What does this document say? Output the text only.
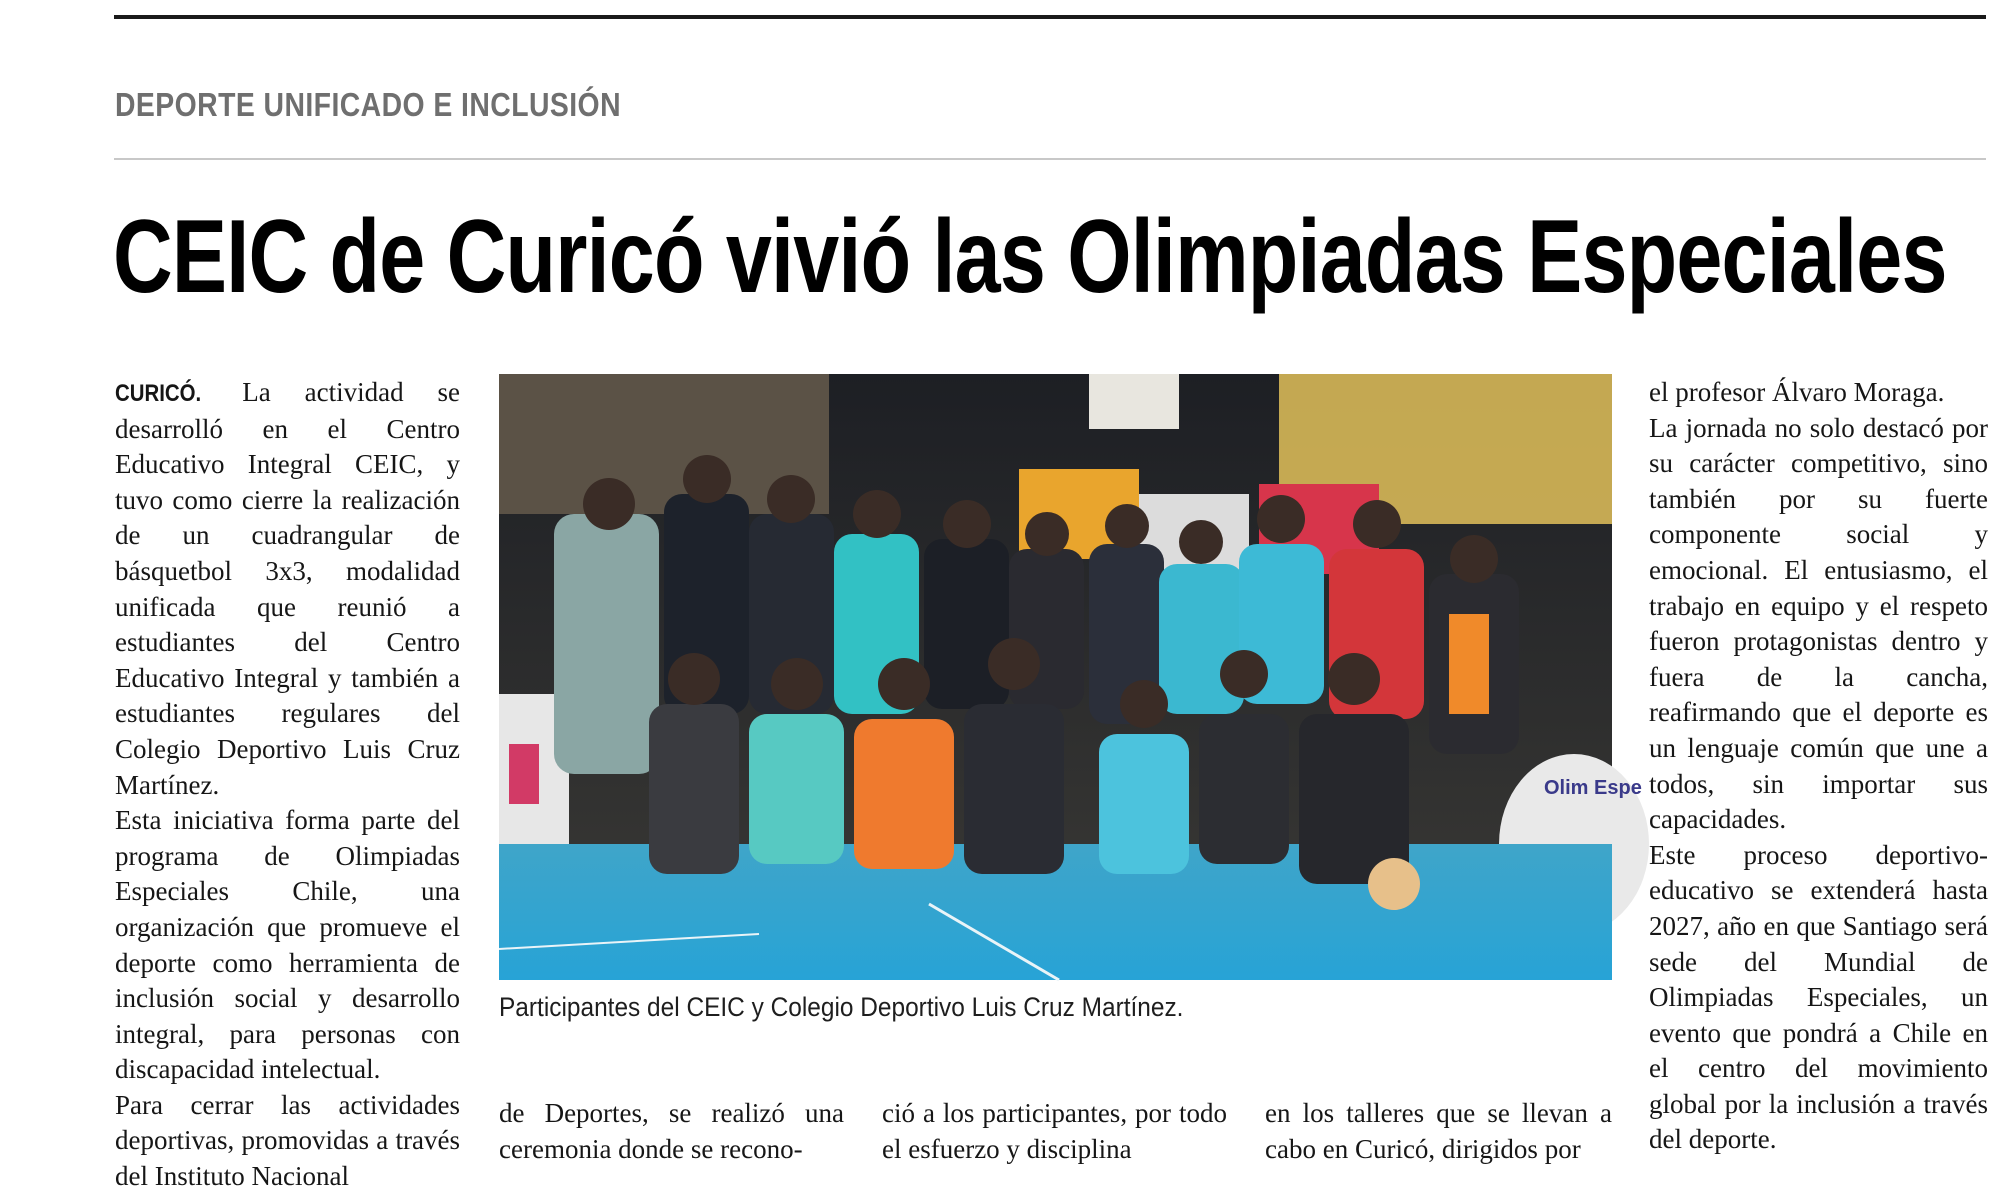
DEPORTE UNIFICADO E INCLUSIÓN
CEIC de Curicó vivió las Olimpiadas Especiales

CURICÓ. La actividad se desarrolló en el Centro Educativo Integral CEIC, y tuvo como cierre la realización de un cuadrangular de básquetbol 3x3, modalidad unificada que reunió a estudiantes del Centro Educativo Integral y también a estudiantes regulares del Colegio Deportivo Luis Cruz Martínez.

Esta iniciativa forma parte del programa de Olimpiadas Especiales Chile, una organización que promueve el deporte como herramienta de inclusión social y desarrollo integral, para personas con discapacidad intelectual.

Para cerrar las actividades deportivas, promovidas a través del Instituto Nacional

Olim Espe
Participantes del CEIC y Colegio Deportivo Luis Cruz Martínez.

de Deportes, se realizó una ceremonia donde se recono-

ció a los participantes, por todo el esfuerzo y disciplina

en los talleres que se llevan a cabo en Curicó, dirigidos por

el profesor Álvaro Moraga.

La jornada no solo destacó por su carácter competitivo, sino también por su fuerte componente social y emocional. El entusiasmo, el trabajo en equipo y el respeto fueron protagonistas dentro y fuera de la cancha, reafirmando que el deporte es un lenguaje común que une a todos, sin importar sus capacidades.

Este proceso deportivo-educativo se extenderá hasta 2027, año en que Santiago será sede del Mundial de Olimpiadas Especiales, un evento que pondrá a Chile en el centro del movimiento global por la inclusión a través del deporte.
